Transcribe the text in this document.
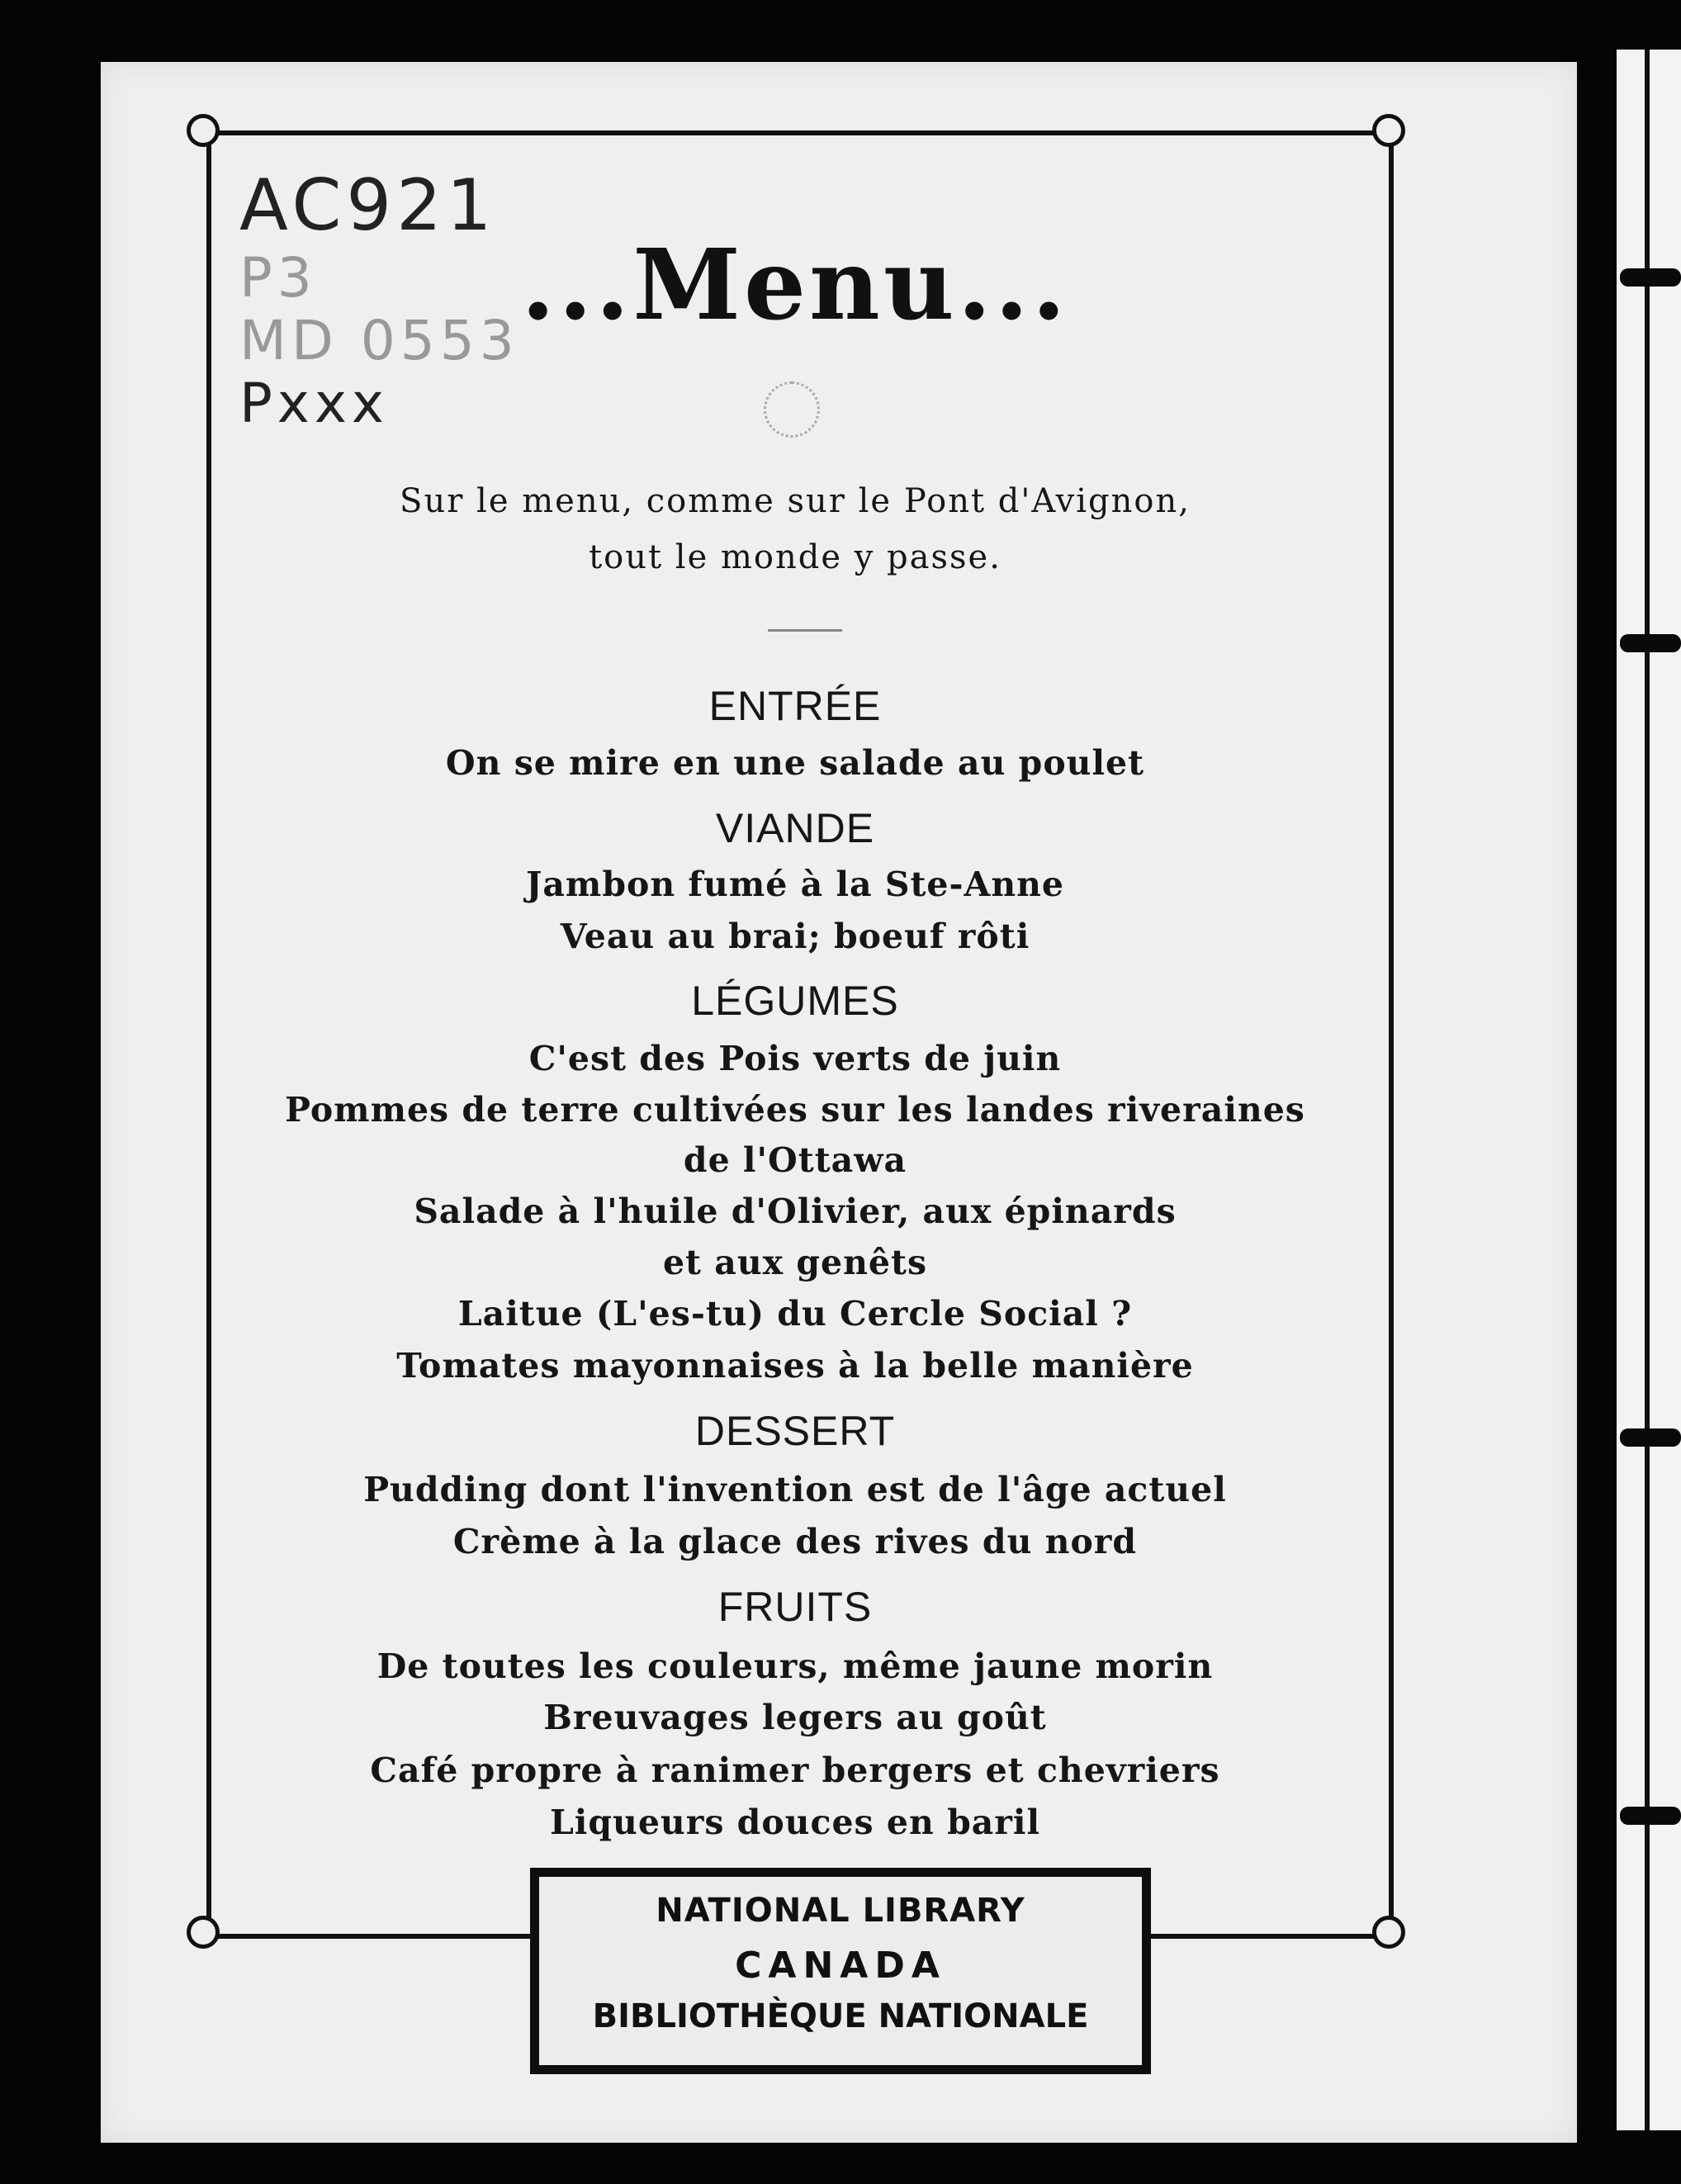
AC921
P3
MD 0553
Pxxx
...Menu...
Sur le menu, comme sur le Pont d'Avignon,
tout le monde y passe.
ENTRÉE
On se mire en une salade au poulet
VIANDE
Jambon fumé à la Ste-Anne
Veau au brai; boeuf rôti
LÉGUMES
C'est des Pois verts de juin
Pommes de terre cultivées sur les landes riveraines
de l'Ottawa
Salade à l'huile d'Olivier, aux épinards
et aux genêts
Laitue (L'es-tu) du Cercle Social ?
Tomates mayonnaises à la belle manière
DESSERT
Pudding dont l'invention est de l'âge actuel
Crème à la glace des rives du nord
FRUITS
De toutes les couleurs, même jaune morin
Breuvages legers au goût
Café propre à ranimer bergers et chevriers
Liqueurs douces en baril
NATIONAL LIBRARY
CANADA
BIBLIOTHÈQUE NATIONALE
